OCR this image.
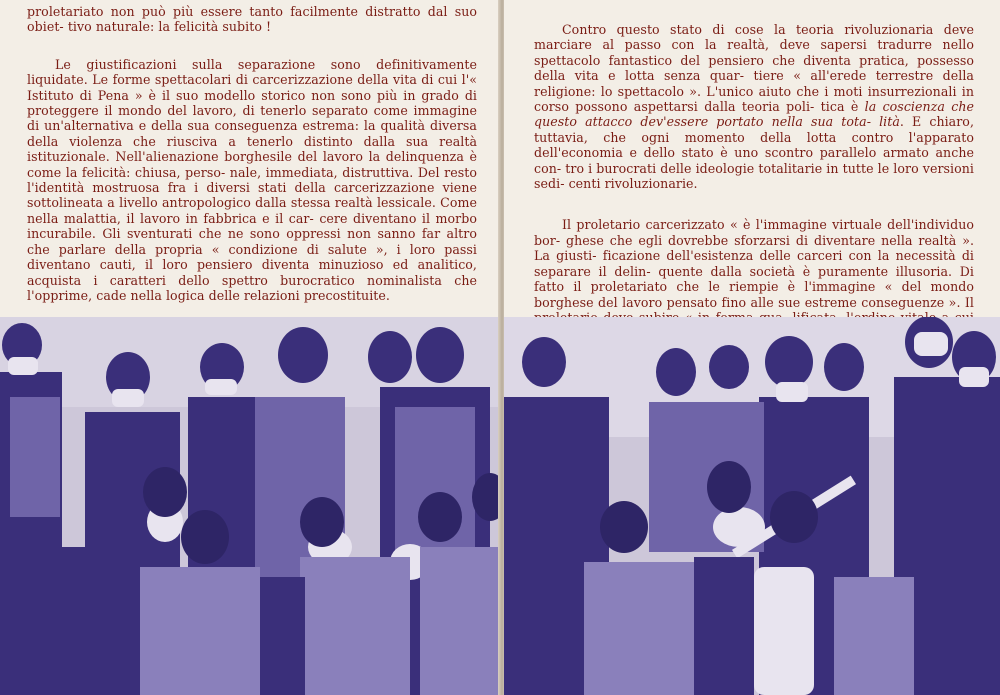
proletariato non può più essere tanto facilmente distratto dal suo obiet- tivo naturale: la felicità subito !

Le giustificazioni sulla separazione sono definitivamente liquidate. Le forme spettacolari di carcerizzazione della vita di cui l'« Istituto di Pena » è il suo modello storico non sono più in grado di proteggere il mondo del lavoro, di tenerlo separato come immagine di un'alternativa e della sua conseguenza estrema: la qualità diversa della violenza che riusciva a tenerlo distinto dalla sua realtà istituzionale. Nell'alienazione borghesile del lavoro la delinquenza è come la felicità: chiusa, perso- nale, immediata, distruttiva. Del resto l'identità mostruosa fra i diversi stati della carcerizzazione viene sottolineata a livello antropologico dalla stessa realtà lessicale. Come nella malattia, il lavoro in fabbrica e il car- cere diventano il morbo incurabile. Gli sventurati che ne sono oppressi non sanno far altro che parlare della propria « condizione di salute », i loro passi diventano cauti, il loro pensiero diventa minuzioso ed analitico, acquista i caratteri dello spettro burocratico nominalista che l'opprime, cade nella logica delle relazioni precostituite.

Contro questo stato di cose la teoria rivoluzionaria deve marciare al passo con la realtà, deve sapersi tradurre nello spettacolo fantastico del pensiero che diventa pratica, possesso della vita e lotta senza quar- tiere « all'erede terrestre della religione: lo spettacolo ». L'unico aiuto che i moti insurrezionali in corso possono aspettarsi dalla teoria poli- tica è la coscienza che questo attacco dev'essere portato nella sua tota- lità. E chiaro, tuttavia, che ogni momento della lotta contro l'apparato dell'economia e dello stato è uno scontro parallelo armato anche con- tro i burocrati delle ideologie totalitarie in tutte le loro versioni sedi- centi rivoluzionarie.

Il proletario carcerizzato « è l'immagine virtuale dell'individuo bor- ghese che egli dovrebbe sforzarsi di diventare nella realtà ». La giusti- ficazione dell'esistenza delle carceri con la necessità di separare il delin- quente dalla società è puramente illusoria. Di fatto il proletariato che le riempie è l'immagine « del mondo borghese del lavoro pensato fino alle sue estreme conseguenze ». Il
